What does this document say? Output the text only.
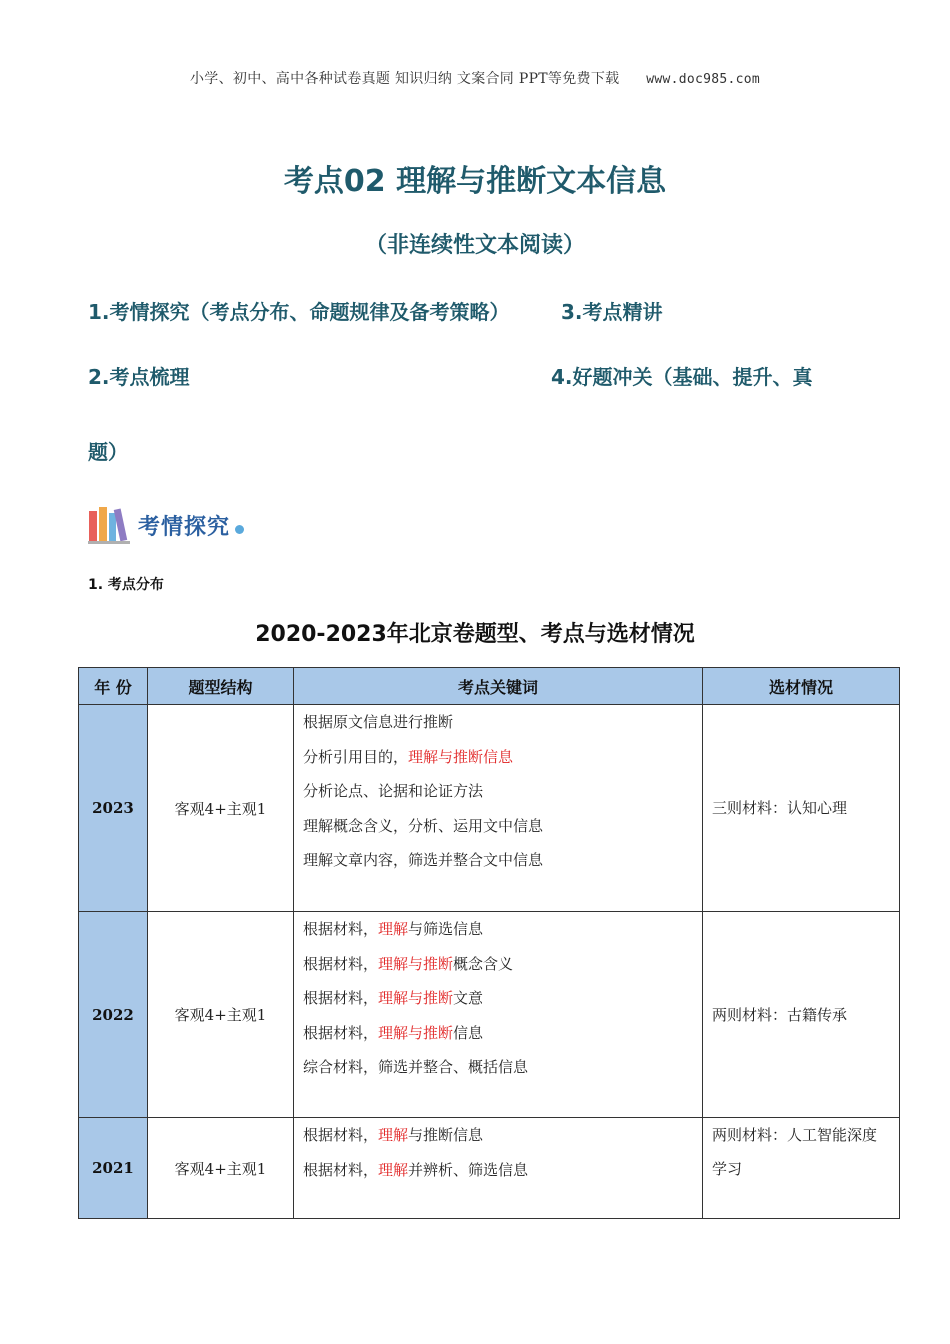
小学、初中、高中各种试卷真题 知识归纳 文案合同 PPT等免费下载 www.doc985.com
考点02 理解与推断文本信息
（非连续性文本阅读）
1.考情探究（考点分布、命题规律及备考策略）	3.考点精讲
2.考点梳理	4.好题冲关（基础、提升、真
题）
考情探究
1. 考点分布
2020-2023年北京卷题型、考点与选材情况
年 份	题型结构	考点关键词	选材情况
2023	客观4+主观1	根据原文信息进行推断
分析引用目的，理解与推断信息
分析论点、论据和论证方法
理解概念含义，分析、运用文中信息
理解文章内容，筛选并整合文中信息	三则材料：认知心理
2022	客观4+主观1	根据材料，理解与筛选信息
根据材料，理解与推断概念含义
根据材料，理解与推断文意
根据材料，理解与推断信息
综合材料，筛选并整合、概括信息	两则材料：古籍传承
2021	客观4+主观1	根据材料，理解与推断信息
根据材料，理解并辨析、筛选信息	两则材料：人工智能深度学习
